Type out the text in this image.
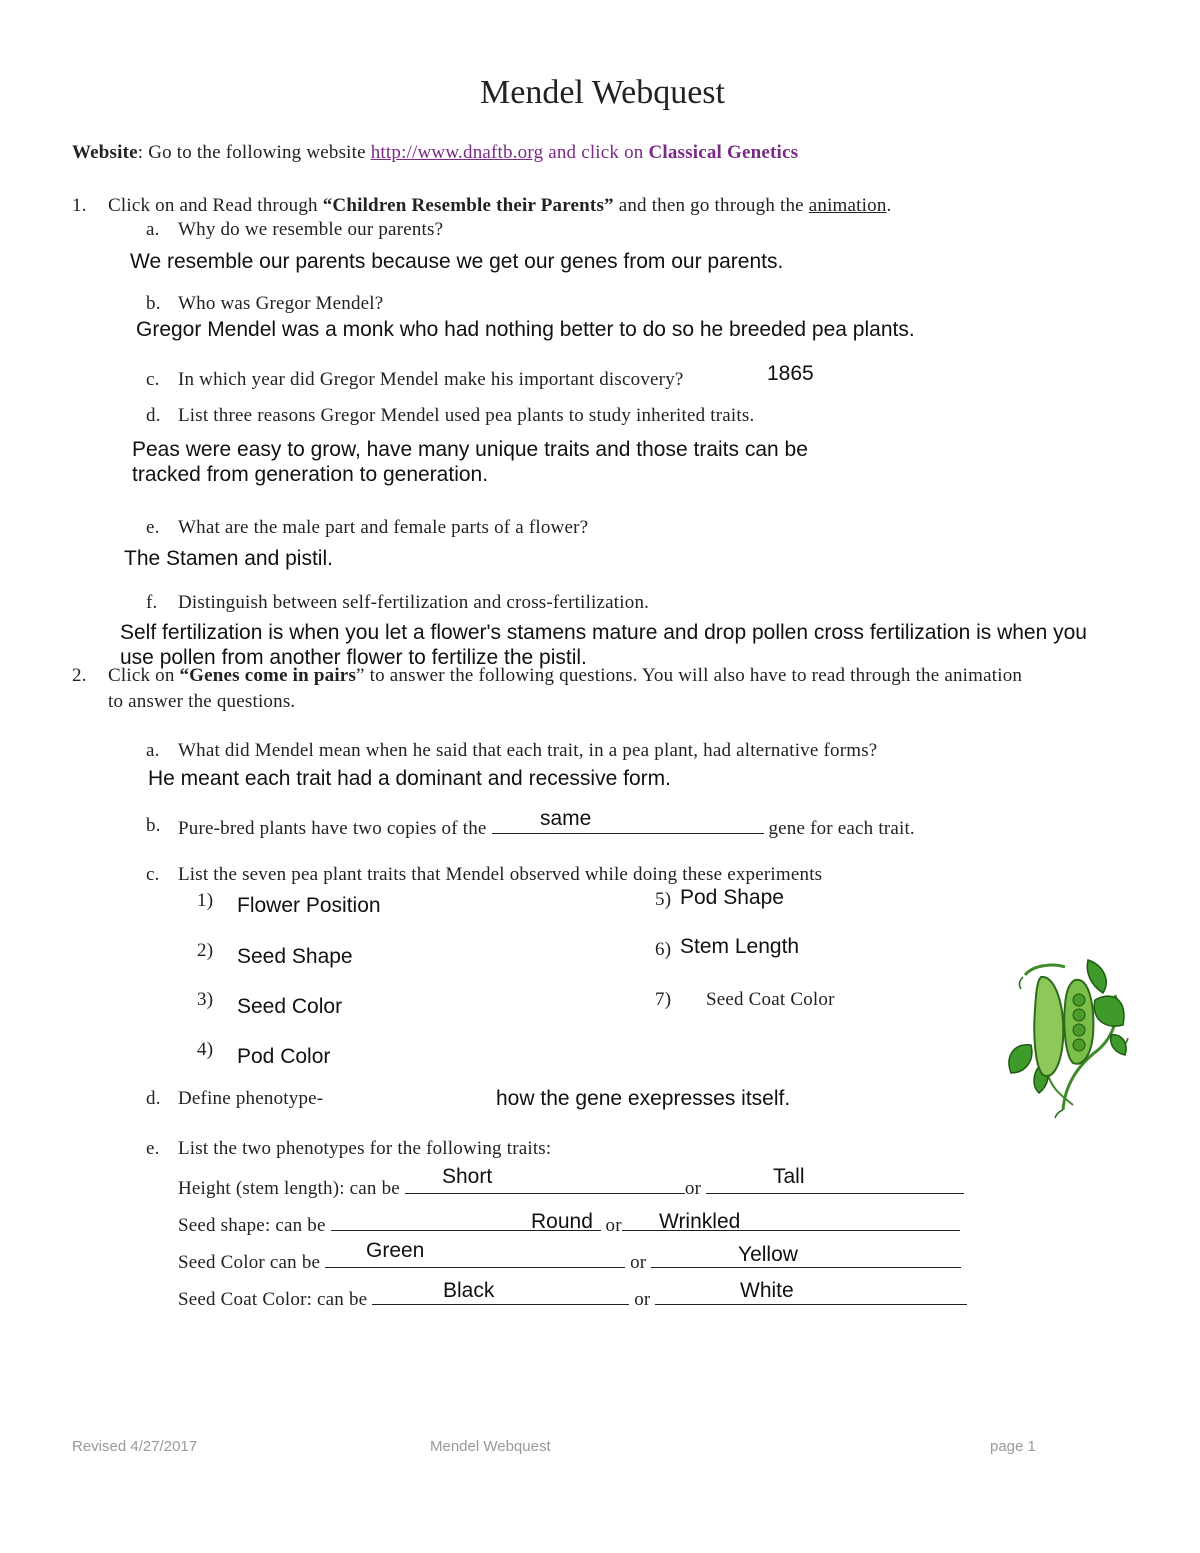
Mendel Webquest
Website: Go to the following website http://www.dnaftb.org and click on Classical Genetics
1. Click on and Read through “Children Resemble their Parents” and then go through the animation.
a. Why do we resemble our parents?
We resemble our parents because we get our genes from our parents.
b. Who was Gregor Mendel?
Gregor Mendel was a monk who had nothing better to do so he breeded pea plants.
c. In which year did Gregor Mendel make his important discovery?	1865
d. List three reasons Gregor Mendel used pea plants to study inherited traits.
Peas were easy to grow, have many unique traits and those traits can be
tracked from generation to generation.
e. What are the male part and female parts of a flower?
The Stamen and pistil.
f. Distinguish between self-fertilization and cross-fertilization.
Self fertilization is when you let a flower's stamens mature and drop pollen cross fertilization is when you
use pollen from another flower to fertilize the pistil.
2. Click on “Genes come in pairs” to answer the following questions. You will also have to read through the animation
to answer the questions.
a. What did Mendel mean when he said that each trait, in a pea plant, had alternative forms?
He meant each trait had a dominant and recessive form.
b. Pure-bred plants have two copies of the	gene for each trait.
same
c. List the seven pea plant traits that Mendel observed while doing these experiments
1) Flower Position
2) Seed Shape
3) Seed Color
4) Pod Color
5) Pod Shape
6) Stem Length
7) Seed Coat Color
d. Define phenotype-	how the gene exepresses itself.
e. List the two phenotypes for the following traits:
Height (stem length): can be	or
Short	Tall
Seed shape: can be	or
Round	Wrinkled
Seed Color can be	or
Green	Yellow
Seed Coat Color: can be	or
Black	White
Revised 4/27/2017	Mendel Webquest	page 1
